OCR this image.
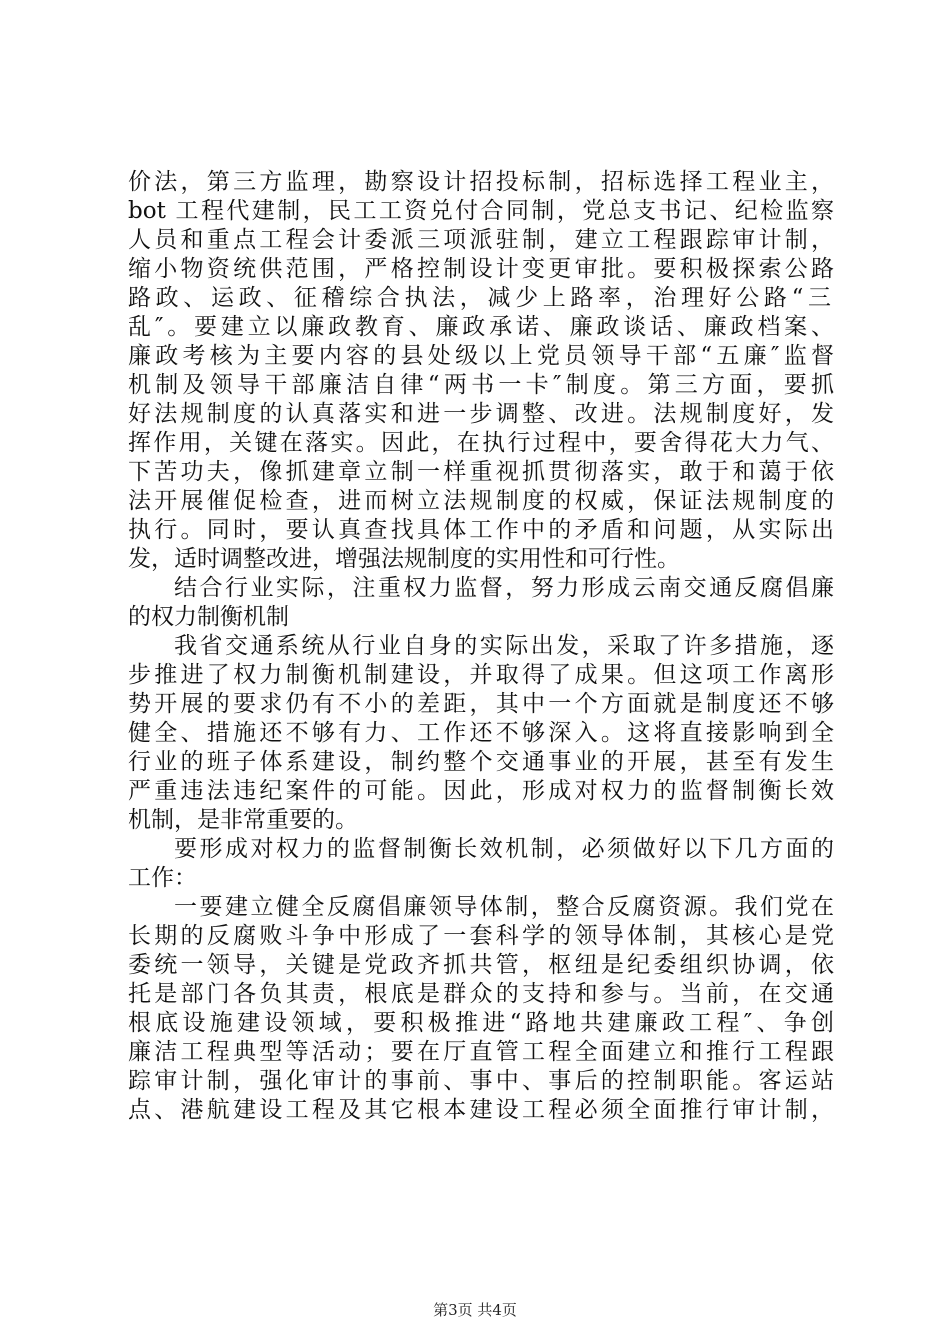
价法，第三方监理，勘察设计招投标制，招标选择工程业主，
bot 工程代建制，民工工资兑付合同制，党总支书记、纪检监察
人员和重点工程会计委派三项派驻制，建立工程跟踪审计制，
缩小物资统供范围，严格控制设计变更审批。要积极探索公路
路政、运政、征稽综合执法，减少上路率，治理好公路“三
乱″。要建立以廉政教育、廉政承诺、廉政谈话、廉政档案、
廉政考核为主要内容的县处级以上党员领导干部“五廉″监督
机制及领导干部廉洁自律“两书一卡″制度。第三方面，要抓
好法规制度的认真落实和进一步调整、改进。法规制度好，发
挥作用，关键在落实。因此，在执行过程中，要舍得花大力气、
下苦功夫，像抓建章立制一样重视抓贯彻落实，敢于和蔼于依
法开展催促检查，进而树立法规制度的权威，保证法规制度的
执行。同时，要认真查找具体工作中的矛盾和问题，从实际出
发，适时调整改进，增强法规制度的实用性和可行性。
结合行业实际，注重权力监督，努力形成云南交通反腐倡廉
的权力制衡机制
我省交通系统从行业自身的实际出发，采取了许多措施，逐
步推进了权力制衡机制建设，并取得了成果。但这项工作离形
势开展的要求仍有不小的差距，其中一个方面就是制度还不够
健全、措施还不够有力、工作还不够深入。这将直接影响到全
行业的班子体系建设，制约整个交通事业的开展，甚至有发生
严重违法违纪案件的可能。因此，形成对权力的监督制衡长效
机制，是非常重要的。
要形成对权力的监督制衡长效机制，必须做好以下几方面的
工作：
一要建立健全反腐倡廉领导体制，整合反腐资源。我们党在
长期的反腐败斗争中形成了一套科学的领导体制，其核心是党
委统一领导，关键是党政齐抓共管，枢纽是纪委组织协调，依
托是部门各负其责，根底是群众的支持和参与。当前，在交通
根底设施建设领域，要积极推进“路地共建廉政工程″、争创
廉洁工程典型等活动；要在厅直管工程全面建立和推行工程跟
踪审计制，强化审计的事前、事中、事后的控制职能。客运站
点、港航建设工程及其它根本建设工程必须全面推行审计制，
第3页 共4页
